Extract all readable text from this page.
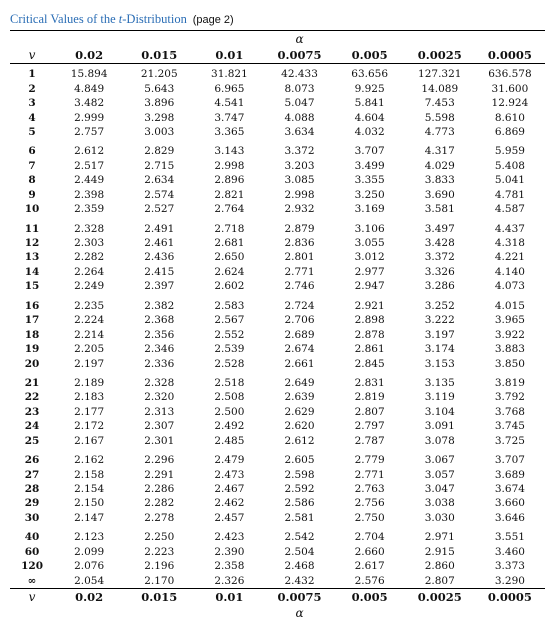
Critical Values of the t-Distribution (page 2)
				α			
v	0.02	0.015	0.01	0.0075	0.005	0.0025	0.0005
1	15.894	21.205	31.821	42.433	63.656	127.321	636.578
2	4.849	5.643	6.965	8.073	9.925	14.089	31.600
3	3.482	3.896	4.541	5.047	5.841	7.453	12.924
4	2.999	3.298	3.747	4.088	4.604	5.598	8.610
5	2.757	3.003	3.365	3.634	4.032	4.773	6.869
6	2.612	2.829	3.143	3.372	3.707	4.317	5.959
7	2.517	2.715	2.998	3.203	3.499	4.029	5.408
8	2.449	2.634	2.896	3.085	3.355	3.833	5.041
9	2.398	2.574	2.821	2.998	3.250	3.690	4.781
10	2.359	2.527	2.764	2.932	3.169	3.581	4.587
11	2.328	2.491	2.718	2.879	3.106	3.497	4.437
12	2.303	2.461	2.681	2.836	3.055	3.428	4.318
13	2.282	2.436	2.650	2.801	3.012	3.372	4.221
14	2.264	2.415	2.624	2.771	2.977	3.326	4.140
15	2.249	2.397	2.602	2.746	2.947	3.286	4.073
16	2.235	2.382	2.583	2.724	2.921	3.252	4.015
17	2.224	2.368	2.567	2.706	2.898	3.222	3.965
18	2.214	2.356	2.552	2.689	2.878	3.197	3.922
19	2.205	2.346	2.539	2.674	2.861	3.174	3.883
20	2.197	2.336	2.528	2.661	2.845	3.153	3.850
21	2.189	2.328	2.518	2.649	2.831	3.135	3.819
22	2.183	2.320	2.508	2.639	2.819	3.119	3.792
23	2.177	2.313	2.500	2.629	2.807	3.104	3.768
24	2.172	2.307	2.492	2.620	2.797	3.091	3.745
25	2.167	2.301	2.485	2.612	2.787	3.078	3.725
26	2.162	2.296	2.479	2.605	2.779	3.067	3.707
27	2.158	2.291	2.473	2.598	2.771	3.057	3.689
28	2.154	2.286	2.467	2.592	2.763	3.047	3.674
29	2.150	2.282	2.462	2.586	2.756	3.038	3.660
30	2.147	2.278	2.457	2.581	2.750	3.030	3.646
40	2.123	2.250	2.423	2.542	2.704	2.971	3.551
60	2.099	2.223	2.390	2.504	2.660	2.915	3.460
120	2.076	2.196	2.358	2.468	2.617	2.860	3.373
∞	2.054	2.170	2.326	2.432	2.576	2.807	3.290
v	0.02	0.015	0.01	0.0075	0.005	0.0025	0.0005
				α			
